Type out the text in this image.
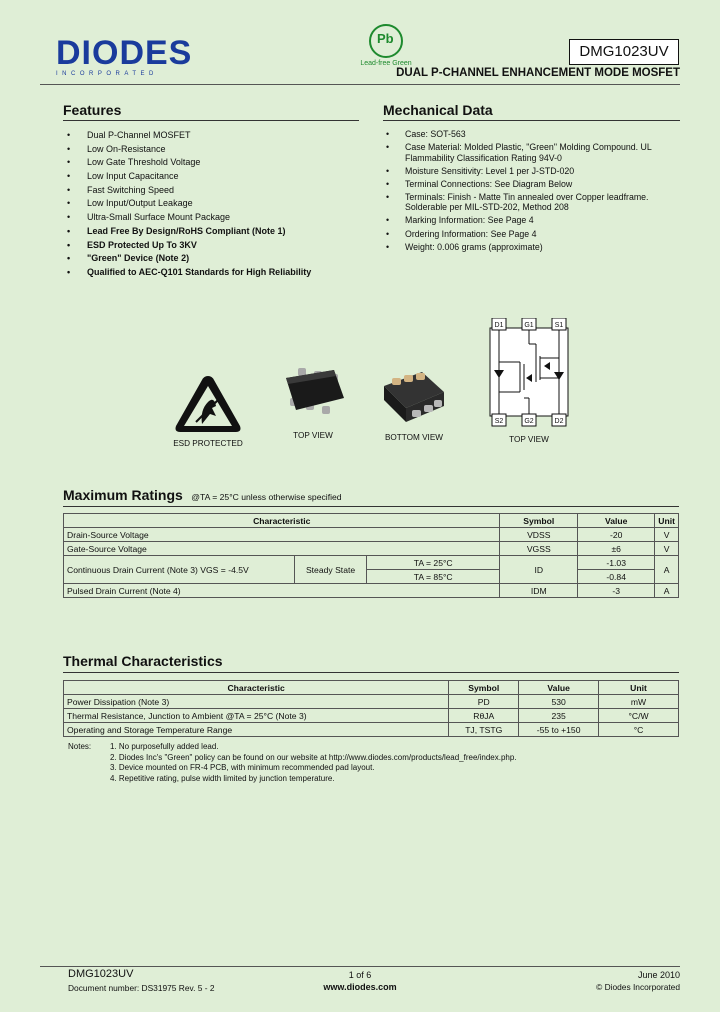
DIODES
INCORPORATED
Pb
Lead-free Green
DMG1023UV
DUAL P-CHANNEL ENHANCEMENT MODE MOSFET
Features
• Dual P-Channel MOSFET
• Low On-Resistance
• Low Gate Threshold Voltage
• Low Input Capacitance
• Fast Switching Speed
• Low Input/Output Leakage
• Ultra-Small Surface Mount Package
• Lead Free By Design/RoHS Compliant (Note 1)
• ESD Protected Up To 3KV
• "Green" Device (Note 2)
• Qualified to AEC-Q101 Standards for High Reliability
Mechanical Data
• Case: SOT-563
• Case Material: Molded Plastic, "Green" Molding Compound. UL Flammability Classification Rating 94V-0
• Moisture Sensitivity: Level 1 per J-STD-020
• Terminal Connections: See Diagram Below
• Terminals: Finish - Matte Tin annealed over Copper leadframe. Solderable per MIL-STD-202, Method 208
• Marking Information: See Page 4
• Ordering Information: See Page 4
• Weight: 0.006 grams (approximate)
ESD PROTECTED
TOP VIEW	BOTTOM VIEW
D1	G1	S1
S2	G2	D2
TOP VIEW
Maximum Ratings @TA = 25°C unless otherwise specified
Characteristic			Symbol	Value	Unit
Drain-Source Voltage			VDSS	-20	V
Gate-Source Voltage			VGSS	±6	V
Continuous Drain Current (Note 3) VGS = -4.5V	Steady State	TA = 25°C	ID	-1.03	A
		TA = 85°C		-0.84	
Pulsed Drain Current (Note 4)			IDM	-3	A
Thermal Characteristics
Characteristic	Symbol	Value	Unit
Power Dissipation (Note 3)	PD	530	mW
Thermal Resistance, Junction to Ambient @TA = 25°C (Note 3)	RθJA	235	°C/W
Operating and Storage Temperature Range	TJ, TSTG	-55 to +150	°C
Notes:	1. No purposefully added lead.
2. Diodes Inc's "Green" policy can be found on our website at http://www.diodes.com/products/lead_free/index.php.
3. Device mounted on FR-4 PCB, with minimum recommended pad layout.
4. Repetitive rating, pulse width limited by junction temperature.
DMG1023UV
Document number: DS31975 Rev. 5 - 2
1 of 6
www.diodes.com
June 2010
© Diodes Incorporated
